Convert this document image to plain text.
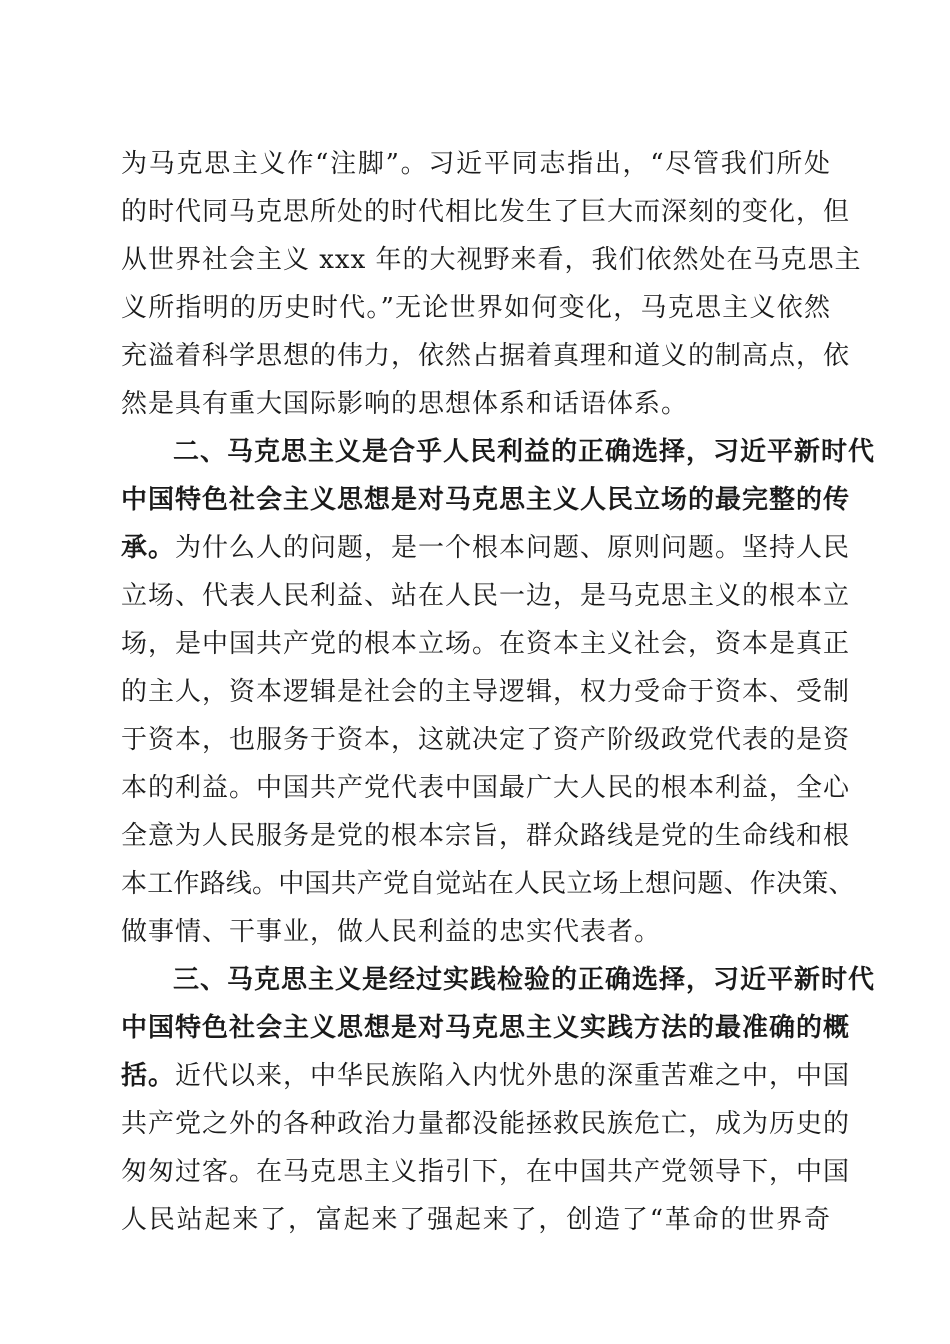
为马克思主义作“注脚”。习近平同志指出，“尽管我们所处
的时代同马克思所处的时代相比发生了巨大而深刻的变化，但
从世界社会主义 xxx 年的大视野来看，我们依然处在马克思主
义所指明的历史时代。”无论世界如何变化，马克思主义依然
充溢着科学思想的伟力，依然占据着真理和道义的制高点，依
然是具有重大国际影响的思想体系和话语体系。
二、马克思主义是合乎人民利益的正确选择，习近平新时代
中国特色社会主义思想是对马克思主义人民立场的最完整的传
承。为什么人的问题，是一个根本问题、原则问题。坚持人民
立场、代表人民利益、站在人民一边，是马克思主义的根本立
场，是中国共产党的根本立场。在资本主义社会，资本是真正
的主人，资本逻辑是社会的主导逻辑，权力受命于资本、受制
于资本，也服务于资本，这就决定了资产阶级政党代表的是资
本的利益。中国共产党代表中国最广大人民的根本利益，全心
全意为人民服务是党的根本宗旨，群众路线是党的生命线和根
本工作路线。中国共产党自觉站在人民立场上想问题、作决策、
做事情、干事业，做人民利益的忠实代表者。
三、马克思主义是经过实践检验的正确选择，习近平新时代
中国特色社会主义思想是对马克思主义实践方法的最准确的概
括。近代以来，中华民族陷入内忧外患的深重苦难之中，中国
共产党之外的各种政治力量都没能拯救民族危亡，成为历史的
匆匆过客。在马克思主义指引下，在中国共产党领导下，中国
人民站起来了，富起来了强起来了，创造了“革命的世界奇
